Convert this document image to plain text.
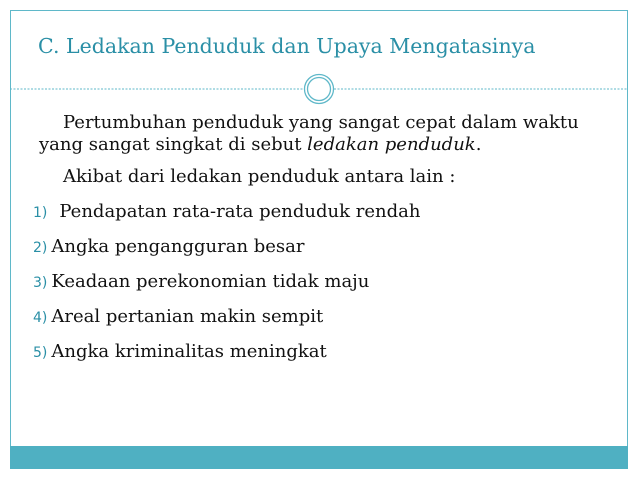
C. Ledakan Penduduk dan Upaya Mengatasinya

Pertumbuhan penduduk yang sangat cepat dalam waktu yang sangat singkat di sebut ledakan penduduk.

Akibat dari ledakan penduduk antara lain :

1) Pendapatan rata-rata penduduk rendah
2) Angka pengangguran besar
3) Keadaan perekonomian tidak maju
4) Areal pertanian makin sempit
5) Angka kriminalitas meningkat
